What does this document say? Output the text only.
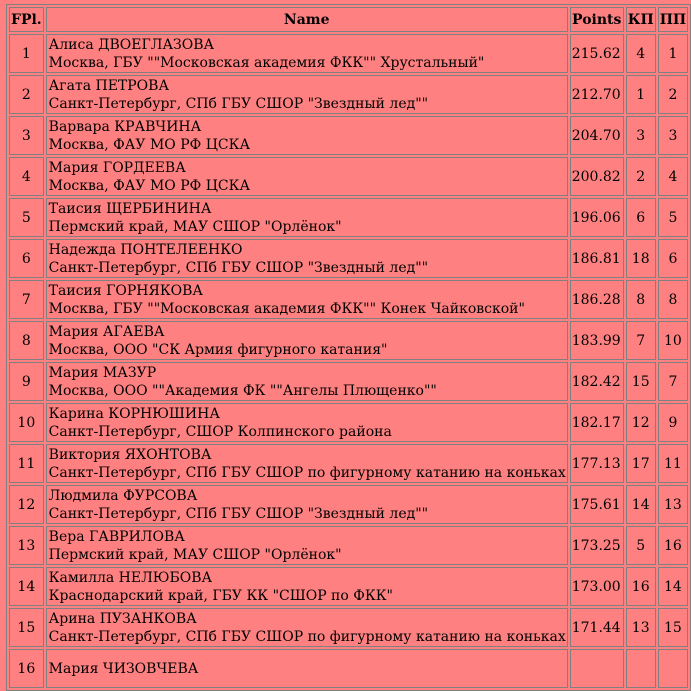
FPl.	Name	Points	КП	ПП
1	Алиса ДВОЕГЛАЗОВА
Москва, ГБУ ""Московская академия ФКК"" Хрустальный"	215.62	4	1
2	Агата ПЕТРОВА
Санкт-Петербург, СПб ГБУ СШОР "Звездный лед""	212.70	1	2
3	Варвара КРАВЧИНА
Москва, ФАУ МО РФ ЦСКА	204.70	3	3
4	Мария ГОРДЕЕВА
Москва, ФАУ МО РФ ЦСКА	200.82	2	4
5	Таисия ЩЕРБИНИНА
Пермский край, МАУ СШОР "Орлёнок"	196.06	6	5
6	Надежда ПОНТЕЛЕЕНКО
Санкт-Петербург, СПб ГБУ СШОР "Звездный лед""	186.81	18	6
7	Таисия ГОРНЯКОВА
Москва, ГБУ ""Московская академия ФКК"" Конек Чайковской"	186.28	8	8
8	Мария АГАЕВА
Москва, ООО "СК Армия фигурного катания"	183.99	7	10
9	Мария МАЗУР
Москва, ООО ""Академия ФК ""Ангелы Плющенко""	182.42	15	7
10	Карина КОРНЮШИНА
Санкт-Петербург, СШОР Колпинского района	182.17	12	9
11	Виктория ЯХОНТОВА
Санкт-Петербург, СПб ГБУ СШОР по фигурному катанию на коньках	177.13	17	11
12	Людмила ФУРСОВА
Санкт-Петербург, СПб ГБУ СШОР "Звездный лед""	175.61	14	13
13	Вера ГАВРИЛОВА
Пермский край, МАУ СШОР "Орлёнок"	173.25	5	16
14	Камилла НЕЛЮБОВА
Краснодарский край, ГБУ КК "СШОР по ФКК"	173.00	16	14
15	Арина ПУЗАНКОВА
Санкт-Петербург, СПб ГБУ СШОР по фигурному катанию на коньках	171.44	13	15
16	Мария ЧИЗОВЧЕВА			
